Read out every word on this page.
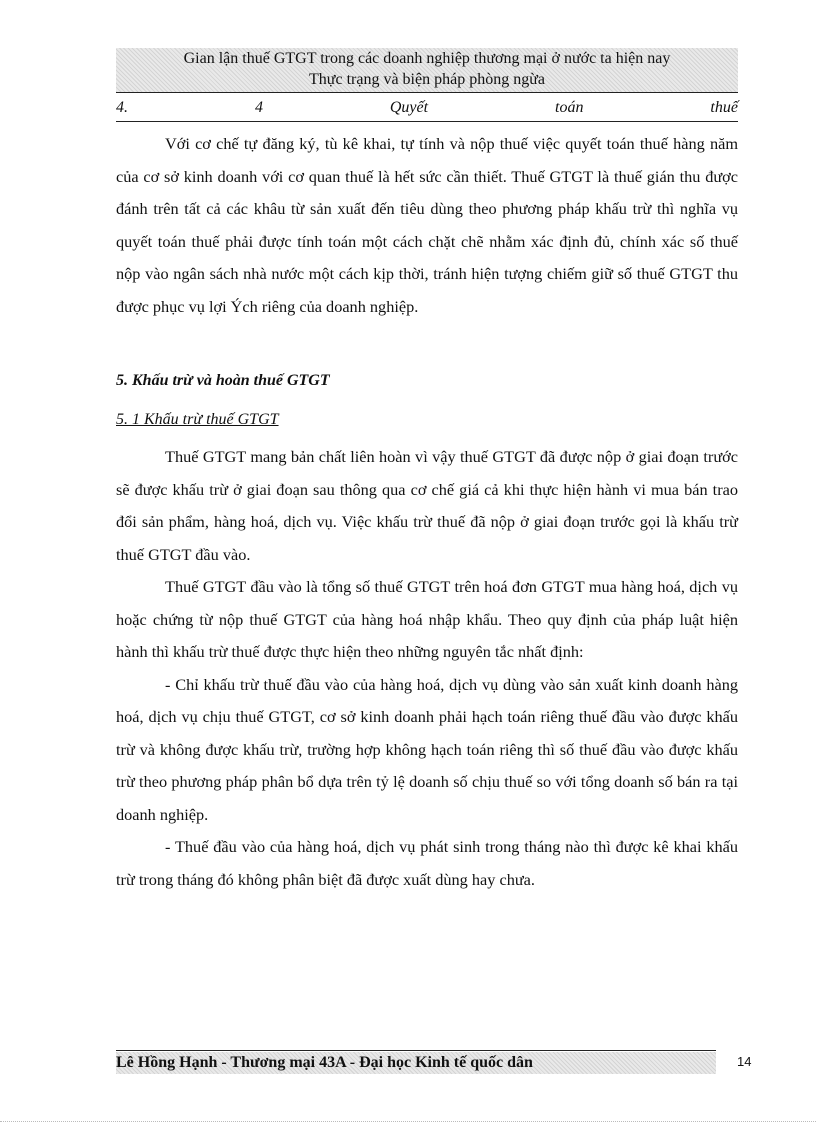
Gian lận thuế GTGT trong các doanh nghiệp thương mại ở nước ta hiện nay
Thực trạng và biện pháp phòng ngừa
4.	4	Quyết	toán	thuế

Với cơ chế tự đăng ký, tù kê khai, tự tính và nộp thuế việc quyết toán thuế hàng năm của cơ sở kinh doanh với cơ quan thuế là hết sức cần thiết. Thuế GTGT là thuế gián thu được đánh trên tất cả các khâu từ sản xuất đến tiêu dùng theo phương pháp khấu trừ thì nghĩa vụ quyết toán thuế phải được tính toán một cách chặt chẽ nhằm xác định đủ, chính xác số thuế nộp vào ngân sách nhà nước một cách kịp thời, tránh hiện tượng chiếm giữ số thuế GTGT thu được phục vụ lợi Ých riêng của doanh nghiệp.

5. Khấu trừ và hoàn thuế GTGT
5. 1 Khấu trừ thuế GTGT

Thuế GTGT mang bản chất liên hoàn vì vậy thuế GTGT đã được nộp ở giai đoạn trước sẽ được khấu trừ ở giai đoạn sau thông qua cơ chế giá cả khi thực hiện hành vi mua bán trao đổi sản phẩm, hàng hoá, dịch vụ. Việc khấu trừ thuế đã nộp ở giai đoạn trước gọi là khấu trừ thuế GTGT đầu vào.

Thuế GTGT đầu vào là tổng số thuế GTGT trên hoá đơn GTGT mua hàng hoá, dịch vụ hoặc chứng từ nộp thuế GTGT của hàng hoá nhập khẩu. Theo quy định của pháp luật hiện hành thì khấu trừ thuế được thực hiện theo những nguyên tắc nhất định:

- Chỉ khấu trừ thuế đầu vào của hàng hoá, dịch vụ dùng vào sản xuất kinh doanh hàng hoá, dịch vụ chịu thuế GTGT, cơ sở kinh doanh phải hạch toán riêng thuế đầu vào được khấu trừ và không được khấu trừ, trường hợp không hạch toán riêng thì số thuế đầu vào được khấu trừ theo phương pháp phân bổ dựa trên tỷ lệ doanh số chịu thuế so với tổng doanh số bán ra tại doanh nghiệp.

- Thuế đầu vào của hàng hoá, dịch vụ phát sinh trong tháng nào thì được kê khai khấu trừ trong tháng đó không phân biệt đã được xuất dùng hay chưa.

Lê Hồng Hạnh - Thương mại 43A - Đại học Kinh tế quốc dân	14
